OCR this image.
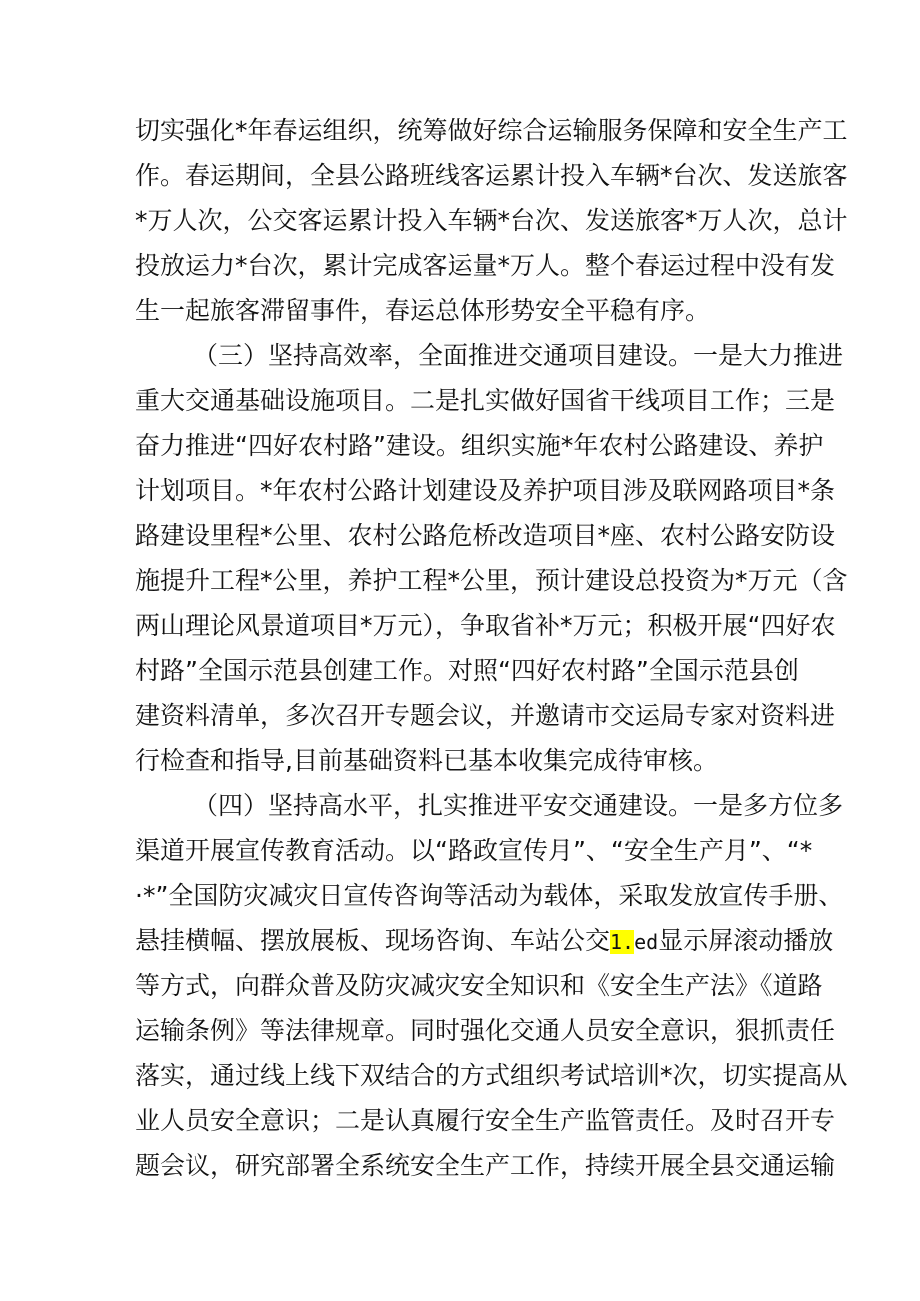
切实强化*年春运组织，统筹做好综合运输服务保障和安全生产工
作。春运期间，全县公路班线客运累计投入车辆*台次、发送旅客
*万人次，公交客运累计投入车辆*台次、发送旅客*万人次，总计
投放运力*台次，累计完成客运量*万人。整个春运过程中没有发
生一起旅客滞留事件，春运总体形势安全平稳有序。
（三）坚持高效率，全面推进交通项目建设。一是大力推进
重大交通基础设施项目。二是扎实做好国省干线项目工作；三是
奋力推进“四好农村路”建设。组织实施*年农村公路建设、养护
计划项目。*年农村公路计划建设及养护项目涉及联网路项目*条
路建设里程*公里、农村公路危桥改造项目*座、农村公路安防设
施提升工程*公里，养护工程*公里，预计建设总投资为*万元（含
两山理论风景道项目*万元），争取省补*万元；积极开展“四好农
村路”全国示范县创建工作。对照“四好农村路”全国示范县创
建资料清单，多次召开专题会议，并邀请市交运局专家对资料进
行检查和指导,目前基础资料已基本收集完成待审核。
（四）坚持高水平，扎实推进平安交通建设。一是多方位多
渠道开展宣传教育活动。以“路政宣传月”、“安全生产月”、“*
·*”全国防灾减灾日宣传咨询等活动为载体，采取发放宣传手册、
悬挂横幅、摆放展板、现场咨询、车站公交1.ed显示屏滚动播放
等方式，向群众普及防灾减灾安全知识和《安全生产法》《道路
运输条例》等法律规章。同时强化交通人员安全意识，狠抓责任
落实，通过线上线下双结合的方式组织考试培训*次，切实提高从
业人员安全意识；二是认真履行安全生产监管责任。及时召开专
题会议，研究部署全系统安全生产工作，持续开展全县交通运输
